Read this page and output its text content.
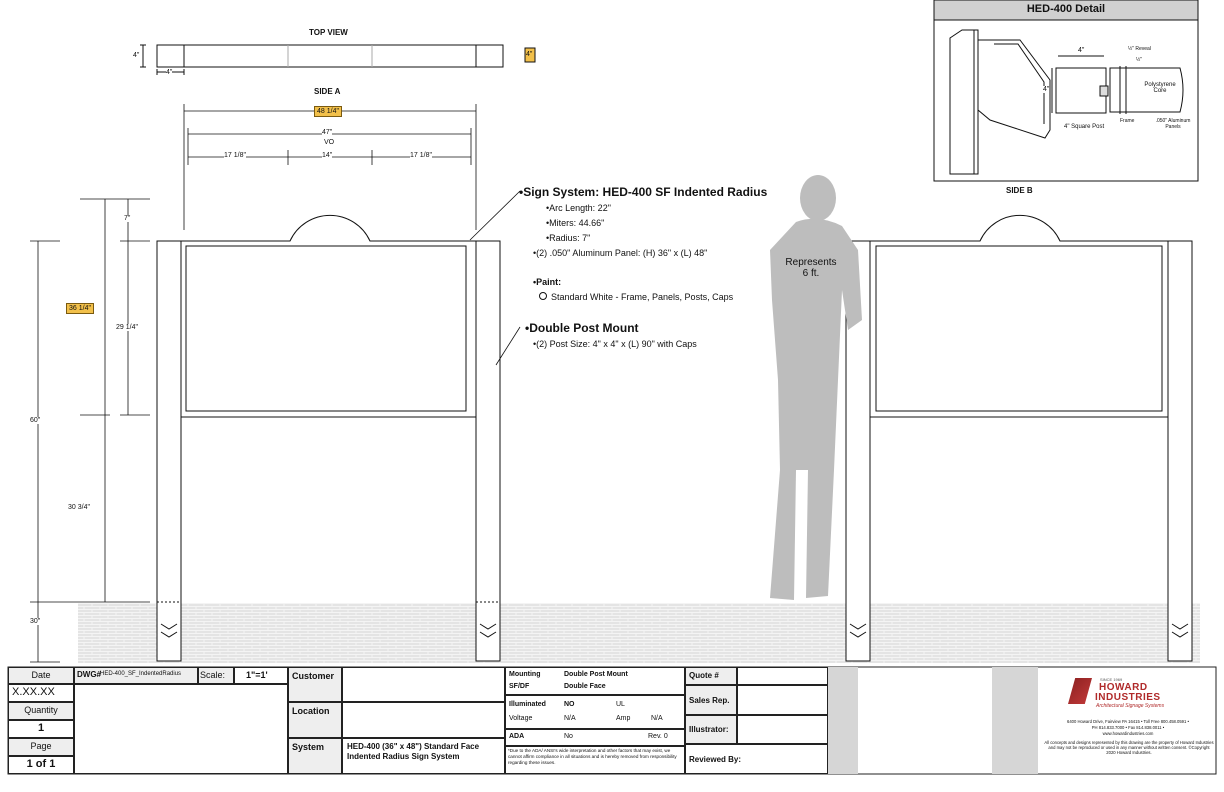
TOP VIEW
4"	4"
4"
SIDE A
48 1/4"
47"
VO
17 1/8"	14"	17 1/8"
7"
36 1/4"
29 1/4"
60"
30 3/4"
30"
SIDE B
•Sign System: HED-400 SF Indented Radius
•Arc Length: 22"
•Miters: 44.66"
•Radius: 7"
•(2) .050" Aluminum Panel: (H) 36" x (L) 48"
•Paint:
Standard White - Frame, Panels, Posts, Caps
•Double Post Mount
•(2) Post Size: 4" x 4" x (L) 90" with Caps
Represents
6 ft.
HED-400 Detail
4"
4"
½" Reveal
½"
Polystyrene Core
4" Square Post
Frame	.050" Aluminum Panels
Date
X.XX.XX
Quantity
1
Page
1 of 1
DWG# HED-400_SF_IndentedRadius Scale: 1"=1'	Customer
Location
System	HED-400 (36" x 48") Standard Face
Indented Radius Sign System
Mounting	Double Post Mount
SF/DF	Double Face
Illuminated	NO	UL
Voltage	N/A	Amp	N/A
ADA	No	Rev. 0
*Due to the ADA/ ANSI's wide interpretation and other factors that may exist, we cannot affirm compliance in all situations and is hereby removed from responsibility regarding these issues.
Quote #
Sales Rep.
Illustrator:
Reviewed By:
SINCE 1969
HOWARD
INDUSTRIES
Architectural Signage Systems
6400 Howard Drive, Fairview PA 16415 • Toll Free 800.458.0591 •
PH 814.833.7000 • Fax 814.838.0011 •
www.howardindustries.com
All concepts and designs represented by this drawing are the property of Howard Industries and may not be reproduced or used in any manner without written consent. ©Copyright 2020 Howard Industries.
